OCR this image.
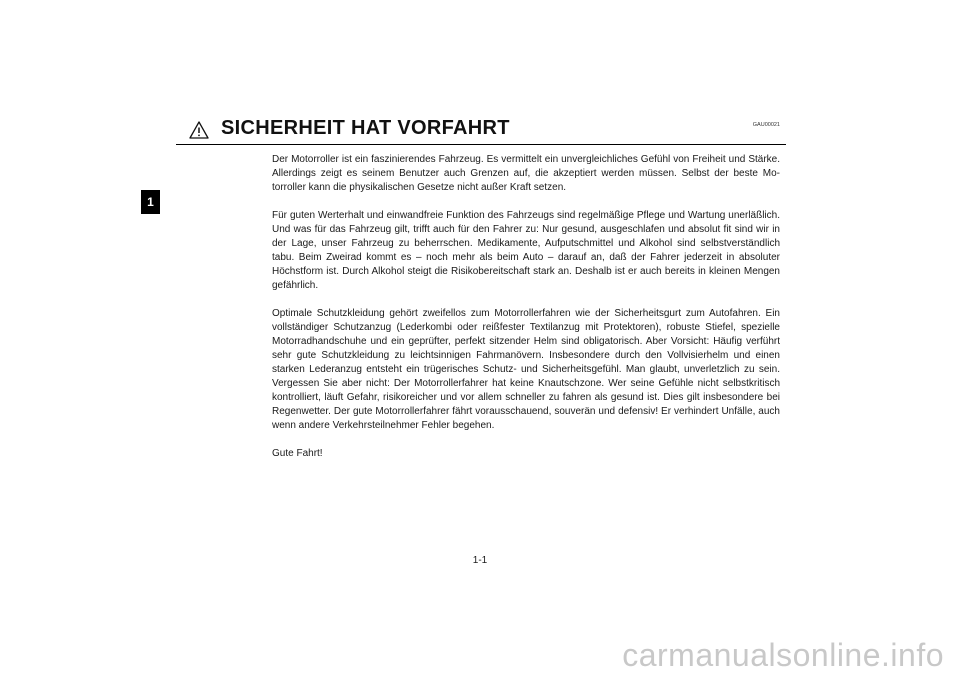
1
SICHERHEIT HAT VORFAHRT	GAU00021

Der Motorroller ist ein faszinierendes Fahrzeug. Es vermittelt ein unvergleichliches Gefühl von Freiheit und Stärke. Allerdings zeigt es seinem Benutzer auch Grenzen auf, die akzeptiert werden müssen. Selbst der beste Motorroller kann die physikalischen Gesetze nicht außer Kraft setzen.

Für guten Werterhalt und einwandfreie Funktion des Fahrzeugs sind regelmäßige Pflege und Wartung unerläßlich. Und was für das Fahrzeug gilt, trifft auch für den Fahrer zu: Nur gesund, ausgeschlafen und absolut fit sind wir in der Lage, unser Fahrzeug zu beherrschen. Medikamente, Aufputschmittel und Alkohol sind selbstverständlich tabu. Beim Zweirad kommt es – noch mehr als beim Auto – darauf an, daß der Fahrer jederzeit in absoluter Höchstform ist. Durch Alkohol steigt die Risikobereitschaft stark an. Deshalb ist er auch bereits in kleinen Mengen gefährlich.

Optimale Schutzkleidung gehört zweifellos zum Motorrollerfahren wie der Sicherheitsgurt zum Autofahren. Ein vollständiger Schutzanzug (Lederkombi oder reißfester Textilanzug mit Protektoren), robuste Stiefel, spezielle Motorradhandschuhe und ein geprüfter, perfekt sitzender Helm sind obligatorisch. Aber Vorsicht: Häufig verführt sehr gute Schutzkleidung zu leichtsinnigen Fahrmanövern. Insbesondere durch den Vollvisierhelm und einen starken Lederanzug entsteht ein trügerisches Schutz- und Sicherheitsgefühl. Man glaubt, unverletzlich zu sein. Vergessen Sie aber nicht: Der Motorrollerfahrer hat keine Knautschzone. Wer seine Gefühle nicht selbstkritisch kontrolliert, läuft Gefahr, risikoreicher und vor allem schneller zu fahren als gesund ist. Dies gilt insbesondere bei Regenwetter. Der gute Motorrollerfahrer fährt vorausschauend, souverän und defensiv! Er verhindert Unfälle, auch wenn andere Verkehrsteilnehmer Fehler begehen.

Gute Fahrt!

1-1
carmanualsonline.info
